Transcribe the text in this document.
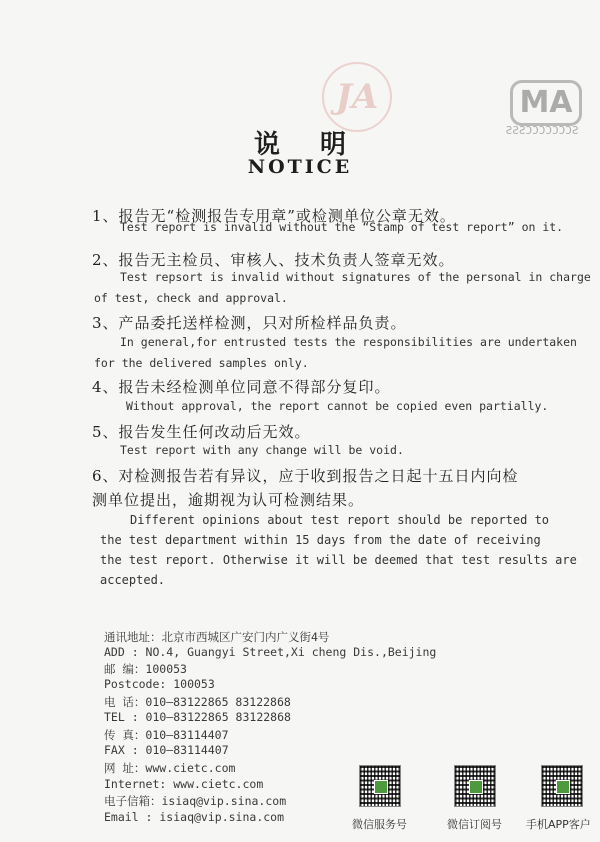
JA	AM
SCCCCCCCSSS
说明
NOTICE
1、报告无“检测报告专用章”或检测单位公章无效。
Test report is invalid without the “Stamp of test report” on it.
2、报告无主检员、审核人、技术负责人签章无效。
Test repsort is invalid without signatures of the personal in charge
of test, check and approval.
3、产品委托送样检测，只对所检样品负责。
In general,for entrusted tests the responsibilities are undertaken
for the delivered samples only.
4、报告未经检测单位同意不得部分复印。
Without approval, the report cannot be copied even partially.
5、报告发生任何改动后无效。
Test report with any change will be void.
6、对检测报告若有异议，应于收到报告之日起十五日内向检
测单位提出，逾期视为认可检测结果。
Different opinions about test report should be reported to
the test department within 15 days from the date of receiving
the test report. Otherwise it will be deemed that test results are
accepted.
通讯地址：北京市西城区广安门内广义街4号
ADD : NO.4, Guangyi Street,Xi cheng Dis.,Beijing
邮 编：100053
Postcode: 100053
电 话：010—83122865 83122868
TEL : 010—83122865 83122868
传 真：010—83114407
FAX : 010—83114407
网 址：www.cietc.com
Internet: www.cietc.com
电子信箱：isiaq@vip.sina.com
Email : isiaq@vip.sina.com
微信服务号	微信订阅号 手机APP客户
